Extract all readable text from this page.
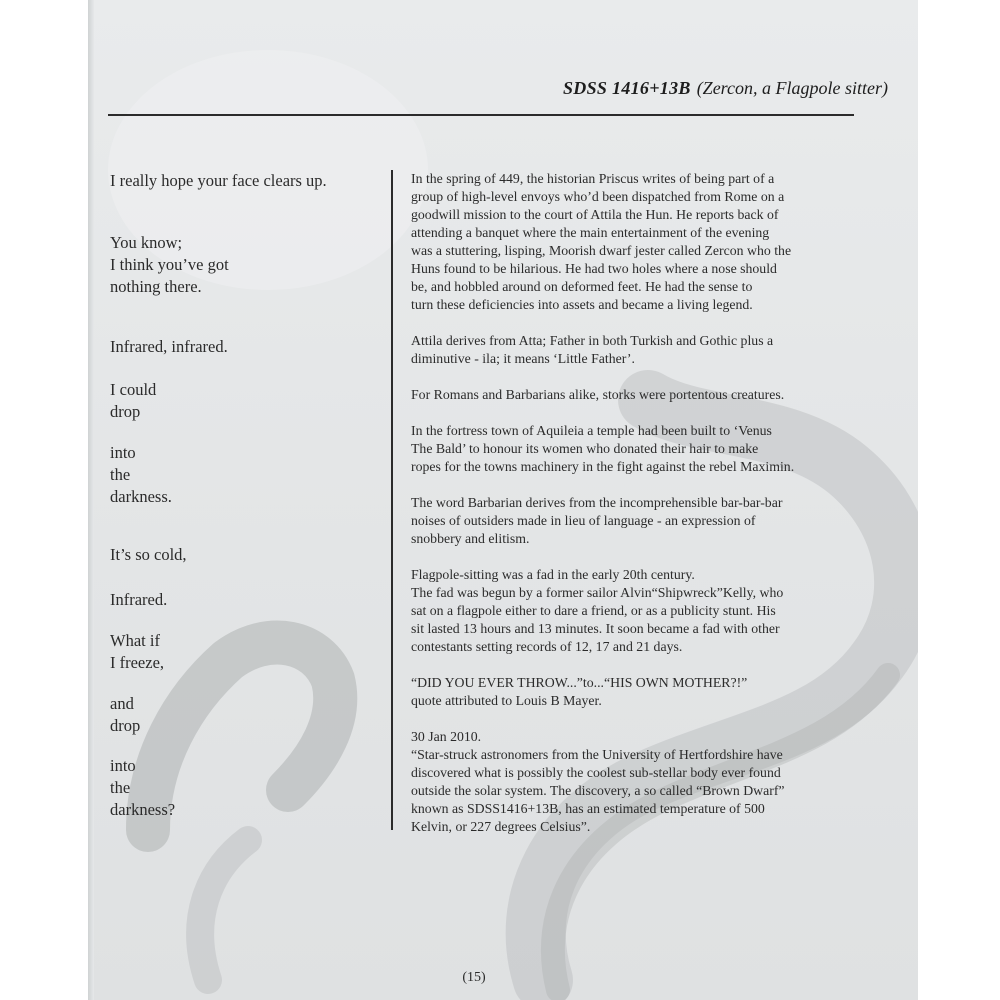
SDSS 1416+13B (Zercon, a Flagpole sitter)

I really hope your face clears up.

You know;
I think you’ve got
nothing there.

Infrared, infrared.

I could
drop

into
the
darkness.

It’s so cold,

Infrared.

What if
I freeze,

and
drop

into
the
darkness?

In the spring of 449, the historian Priscus writes of being part of a
group of high-level envoys who’d been dispatched from Rome on a
goodwill mission to the court of Attila the Hun. He reports back of
attending a banquet where the main entertainment of the evening
was a stuttering, lisping, Moorish dwarf jester called Zercon who the
Huns found to be hilarious. He had two holes where a nose should
be, and hobbled around on deformed feet. He had the sense to
turn these deficiencies into assets and became a living legend.

Attila derives from Atta; Father in both Turkish and Gothic plus a
diminutive - ila; it means ‘Little Father’.

For Romans and Barbarians alike, storks were portentous creatures.

In the fortress town of Aquileia a temple had been built to ‘Venus
The Bald’ to honour its women who donated their hair to make
ropes for the towns machinery in the fight against the rebel Maximin.

The word Barbarian derives from the incomprehensible bar-bar-bar
noises of outsiders made in lieu of language - an expression of
snobbery and elitism.

Flagpole-sitting was a fad in the early 20th century.
The fad was begun by a former sailor Alvin“Shipwreck”Kelly, who
sat on a flagpole either to dare a friend, or as a publicity stunt. His
sit lasted 13 hours and 13 minutes. It soon became a fad with other
contestants setting records of 12, 17 and 21 days.

“DID YOU EVER THROW...”to...“HIS OWN MOTHER?!”
quote attributed to Louis B Mayer.

30 Jan 2010.
“Star-struck astronomers from the University of Hertfordshire have
discovered what is possibly the coolest sub-stellar body ever found
outside the solar system. The discovery, a so called “Brown Dwarf”
known as SDSS1416+13B, has an estimated temperature of 500
Kelvin, or 227 degrees Celsius”.

(15)
